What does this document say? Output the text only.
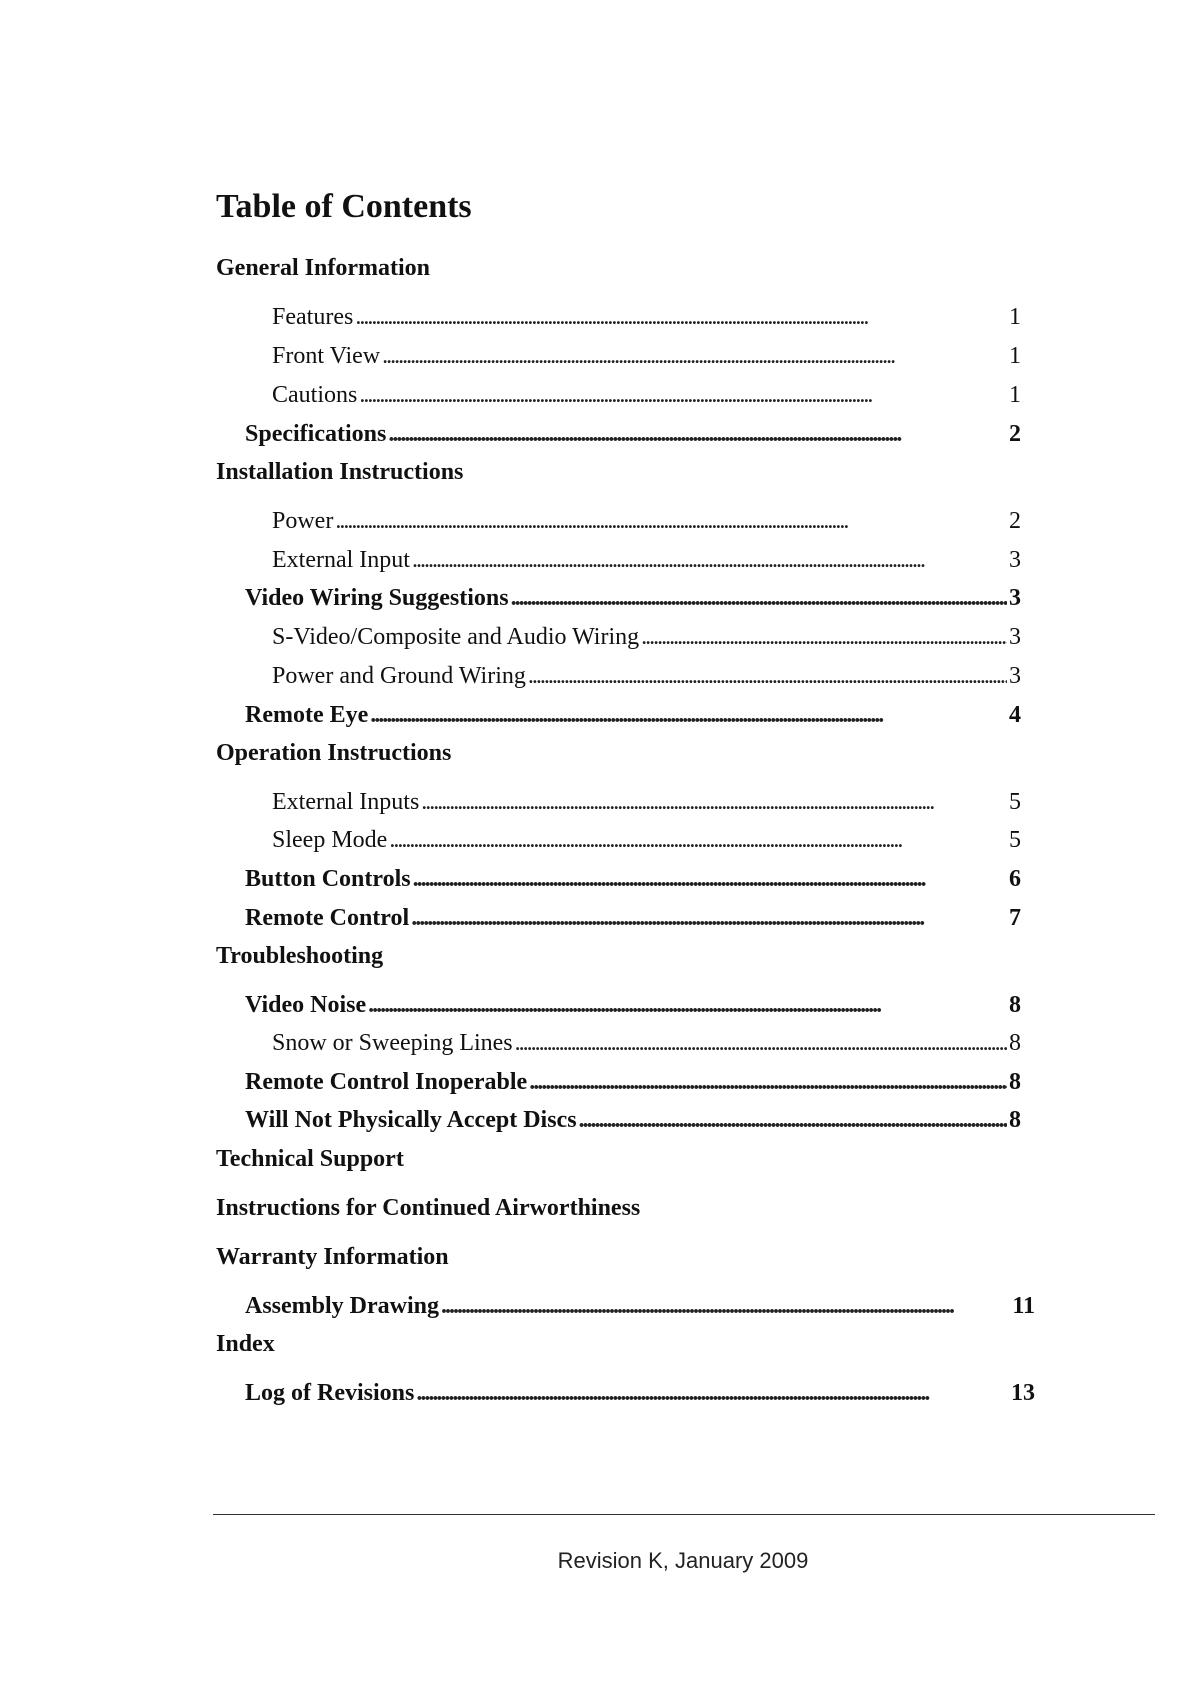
Table of Contents
General Information
Features . . .	1
Front View . . .	1
Cautions . . .	1
Specifications . . .	2
Installation Instructions
Power . . .	2
External Input . . .	3
Video Wiring Suggestions . . .	3
S-Video/Composite and Audio Wiring . . .	3
Power and Ground Wiring . . .	3
Remote Eye . . .	4
Operation Instructions
External Inputs . . .	5
Sleep Mode . . .	5
Button Controls . . .	6
Remote Control . . .	7
Troubleshooting
Video Noise . . .	8
Snow or Sweeping Lines . . .	8
Remote Control Inoperable . . .	8
Will Not Physically Accept Discs . . .	8
Technical Support
Instructions for Continued Airworthiness
Warranty Information
Assembly Drawing . . .	11
Index
Log of Revisions . . .	13
Revision K, January 2009
